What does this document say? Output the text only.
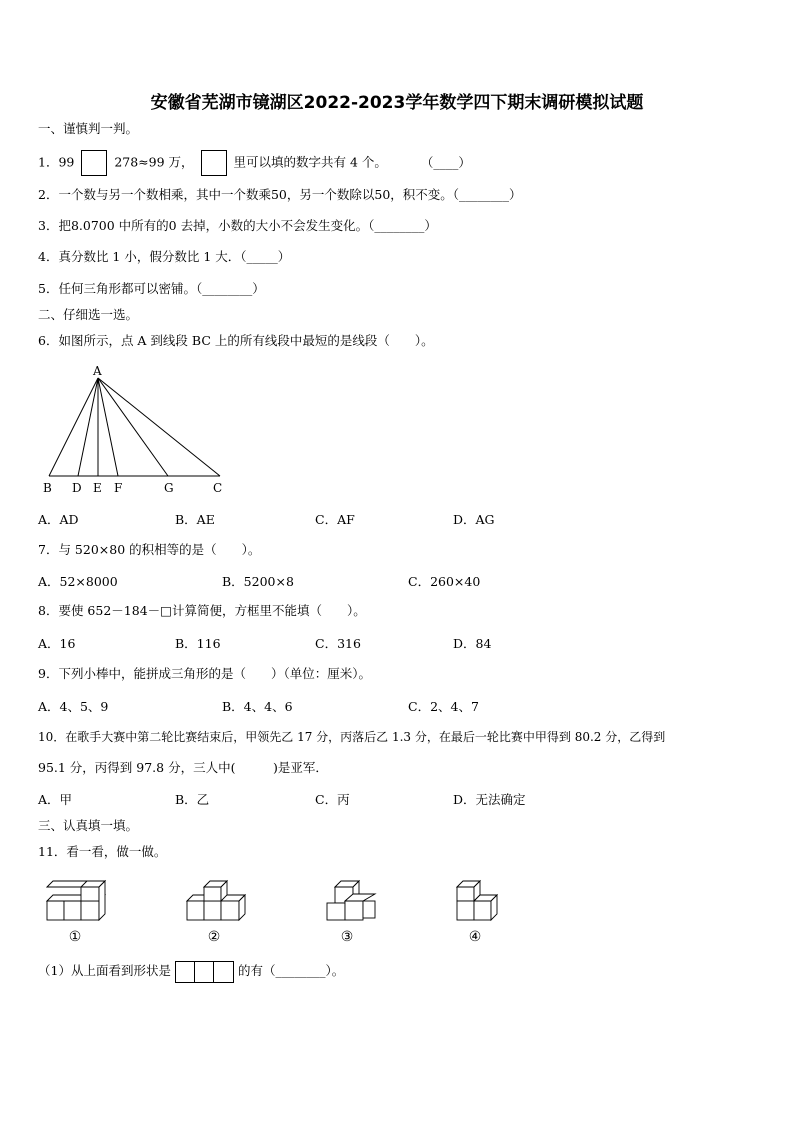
安徽省芜湖市镜湖区2022-2023学年数学四下期末调研模拟试题
一、谨慎判一判。
1．99	278≈99 万，	里可以填的数字共有 4 个。	（____）
2．一个数与另一个数相乘，其中一个数乘50，另一个数除以50，积不变。（________）
3．把8.0700 中所有的0 去掉，小数的大小不会发生变化。（________）
4．真分数比 1 小，假分数比 1 大．（_____）
5．任何三角形都可以密铺。（________）
二、仔细选一选。
6．如图所示，点 A 到线段 BC 上的所有线段中最短的是线段（　　）。
A
B D E F	G	C
A．AD	B．AE	C．AF	D．AG
7．与 520×80 的积相等的是（　　）。
A．52×8000	B．5200×8	C．260×40
8．要使 652－184－□计算简便，方框里不能填（　　）。
A．16	B．116	C．316	D．84
9．下列小棒中，能拼成三角形的是（　　）（单位：厘米）。
A．4、5、9	B．4、4、6	C．2、4、7
10．在歌手大赛中第二轮比赛结束后，甲领先乙 17 分，丙落后乙 1.3 分，在最后一轮比赛中甲得到 80.2 分，乙得到
95.1 分，丙得到 97.8 分，三人中(　　　)是亚军．
A．甲	B．乙	C．丙	D．无法确定
三、认真填一填。
11．看一看，做一做。
①	②	③	④
（1）从上面看到形状是	的有（________）。
